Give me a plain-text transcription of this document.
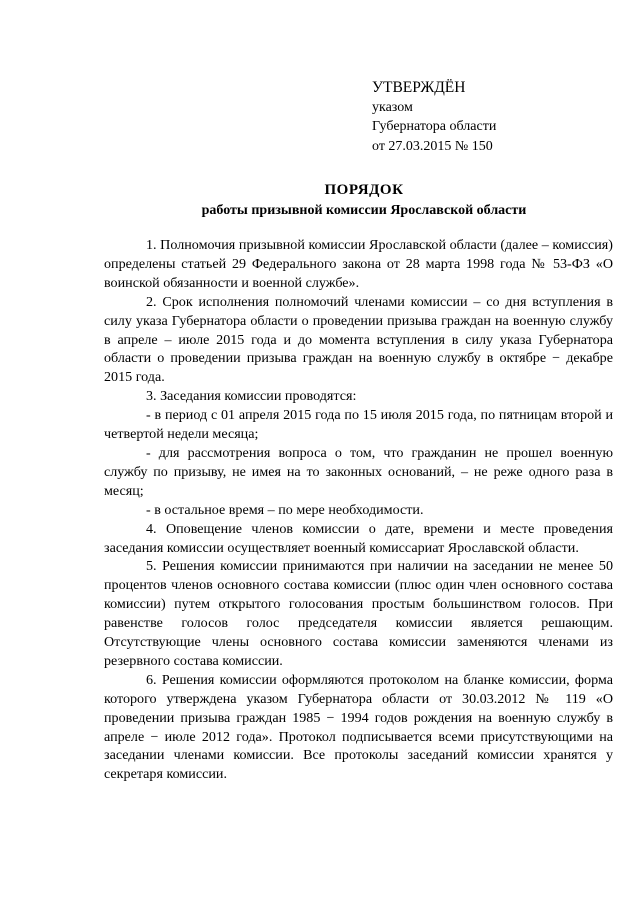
УТВЕРЖДЁН
указом
Губернатора области
от 27.03.2015 № 150
ПОРЯДОК
работы призывной комиссии Ярославской области

1. Полномочия призывной комиссии Ярославской области (далее – комиссия) определены статьей 29 Федерального закона от 28 марта 1998 года № 53-ФЗ «О воинской обязанности и военной службе».

2. Срок исполнения полномочий членами комиссии – со дня вступления в силу указа Губернатора области о проведении призыва граждан на военную службу в апреле – июле 2015 года и до момента вступления в силу указа Губернатора области о проведении призыва граждан на военную службу в октябре − декабре 2015 года.

3. Заседания комиссии проводятся:

- в период с 01 апреля 2015 года по 15 июля 2015 года, по пятницам второй и четвертой недели месяца;

- для рассмотрения вопроса о том, что гражданин не прошел военную службу по призыву, не имея на то законных оснований, – не реже одного раза в месяц;

- в остальное время – по мере необходимости.

4. Оповещение членов комиссии о дате, времени и месте проведения заседания комиссии осуществляет военный комиссариат Ярославской области.

5. Решения комиссии принимаются при наличии на заседании не менее 50 процентов членов основного состава комиссии (плюс один член основного состава комиссии) путем открытого голосования простым большинством голосов. При равенстве голосов голос председателя комиссии является решающим. Отсутствующие члены основного состава комиссии заменяются членами из резервного состава комиссии.

6. Решения комиссии оформляются протоколом на бланке комиссии, форма которого утверждена указом Губернатора области от 30.03.2012 № 119 «О проведении призыва граждан 1985 − 1994 годов рождения на военную службу в апреле − июле 2012 года». Протокол подписывается всеми присутствующими на заседании членами комиссии. Все протоколы заседаний комиссии хранятся у секретаря комиссии.
